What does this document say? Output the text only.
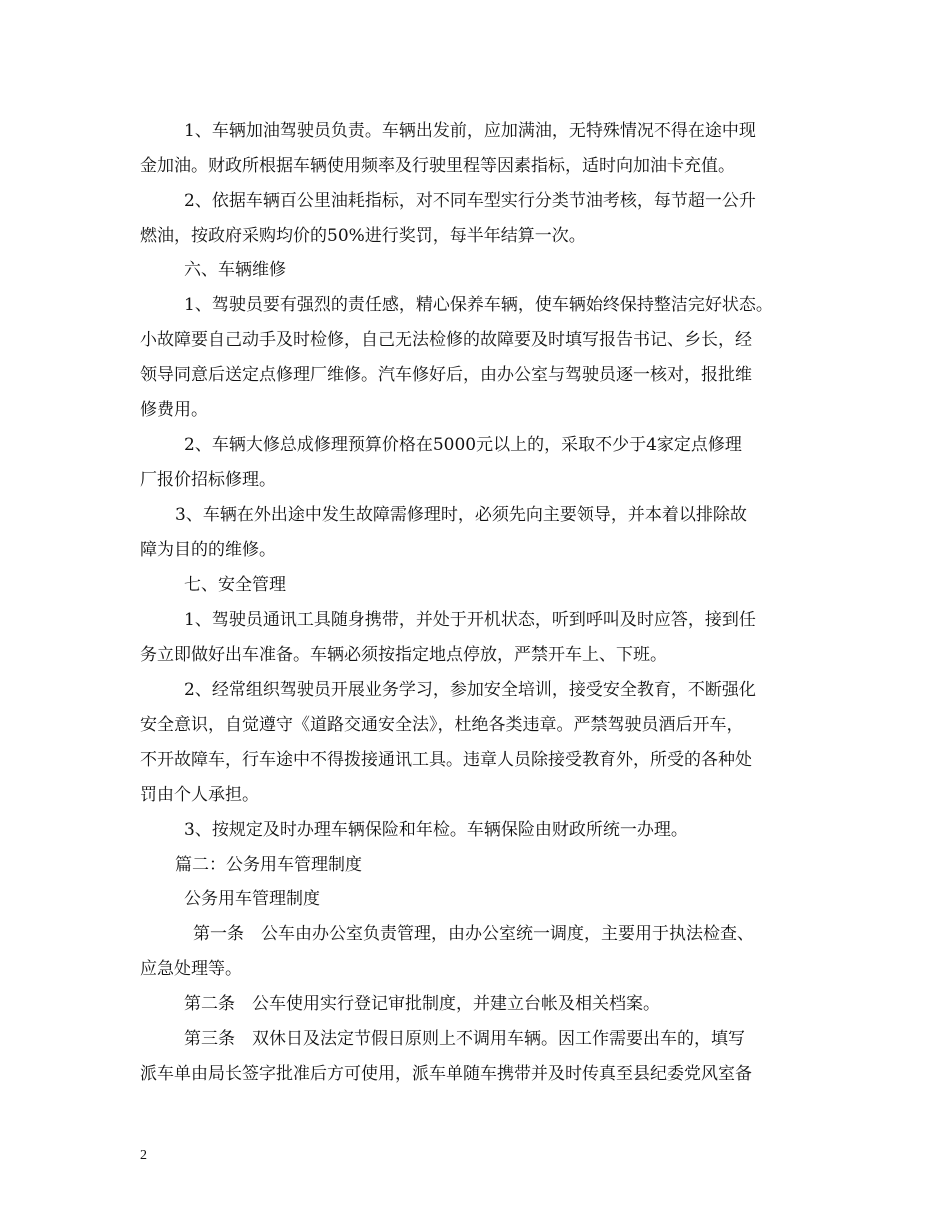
1、车辆加油驾驶员负责。车辆出发前，应加满油，无特殊情况不得在途中现
金加油。财政所根据车辆使用频率及行驶里程等因素指标，适时向加油卡充值。
2、依据车辆百公里油耗指标，对不同车型实行分类节油考核，每节超一公升
燃油，按政府采购均价的50%进行奖罚，每半年结算一次。
六、车辆维修
1、驾驶员要有强烈的责任感，精心保养车辆，使车辆始终保持整洁完好状态。
小故障要自己动手及时检修，自己无法检修的故障要及时填写报告书记、乡长，经
领导同意后送定点修理厂维修。汽车修好后，由办公室与驾驶员逐一核对，报批维
修费用。
2、车辆大修总成修理预算价格在5000元以上的，采取不少于4家定点修理
厂报价招标修理。
3、车辆在外出途中发生故障需修理时，必须先向主要领导，并本着以排除故
障为目的的维修。
七、安全管理
1、驾驶员通讯工具随身携带，并处于开机状态，听到呼叫及时应答，接到任
务立即做好出车准备。车辆必须按指定地点停放，严禁开车上、下班。
2、经常组织驾驶员开展业务学习，参加安全培训，接受安全教育，不断强化
安全意识，自觉遵守《道路交通安全法》，杜绝各类违章。严禁驾驶员酒后开车，
不开故障车，行车途中不得拨接通讯工具。违章人员除接受教育外，所受的各种处
罚由个人承担。
3、按规定及时办理车辆保险和年检。车辆保险由财政所统一办理。
篇二：公务用车管理制度
公务用车管理制度
第一条　公车由办公室负责管理，由办公室统一调度，主要用于执法检查、
应急处理等。
第二条　公车使用实行登记审批制度，并建立台帐及相关档案。
第三条　双休日及法定节假日原则上不调用车辆。因工作需要出车的，填写
派车单由局长签字批准后方可使用，派车单随车携带并及时传真至县纪委党风室备
2
